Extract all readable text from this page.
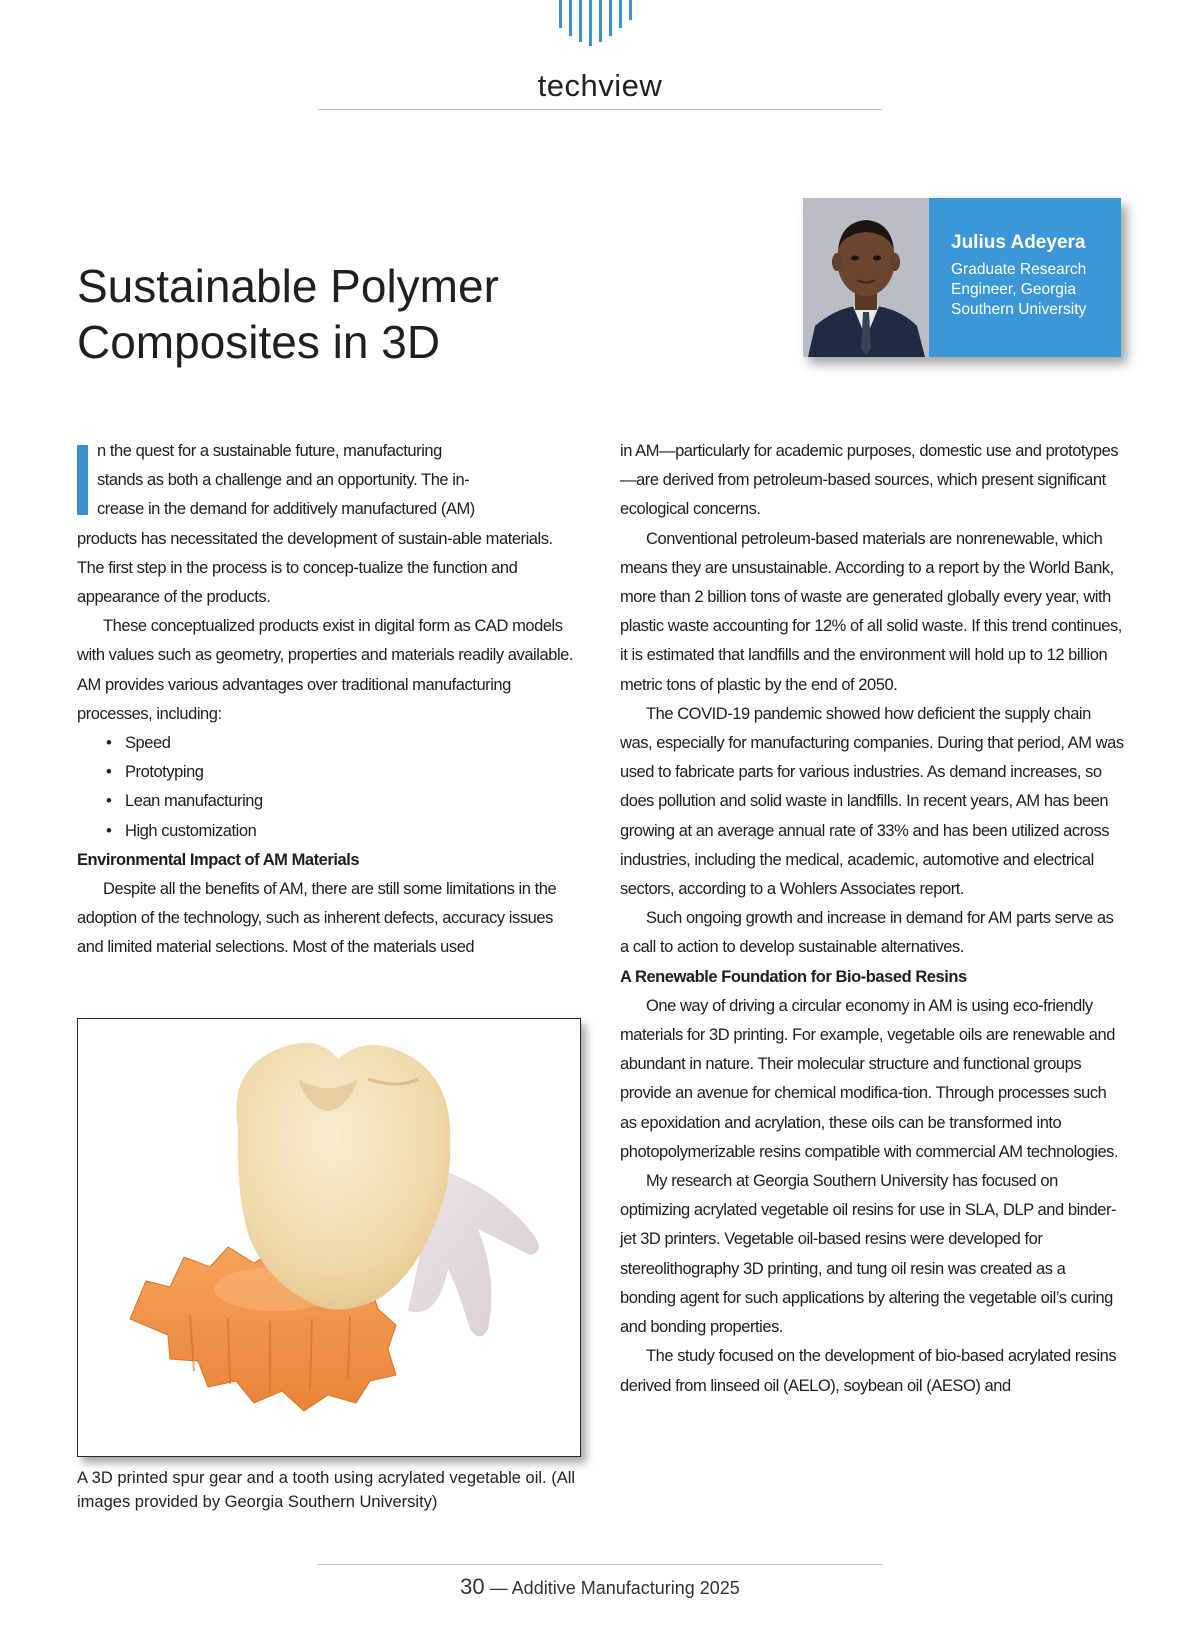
techview
Sustainable Polymer
Composites in 3D
Julius Adeyera
Graduate Research Engineer, Georgia Southern University

n the quest for a sustainable future, manufacturing
stands as both a challenge and an opportunity. The in-
crease in the demand for additively manufactured (AM)

products has necessitated the development of sustain-able materials. The first step in the process is to concep-tualize the function and appearance of the products.

These conceptualized products exist in digital form as CAD models with values such as geometry, properties and materials readily available. AM provides various advantages over traditional manufacturing processes, including:

• Speed
• Prototyping
• Lean manufacturing
• High customization

Environmental Impact of AM Materials

Despite all the benefits of AM, there are still some limitations in the adoption of the technology, such as inherent defects, accuracy issues and limited material selections. Most of the materials used

A 3D printed spur gear and a tooth using acrylated vegetable oil. (All images provided by Georgia Southern University)

in AM—particularly for academic purposes, domestic use and prototypes—are derived from petroleum-based sources, which present significant ecological concerns.

Conventional petroleum-based materials are nonrenewable, which means they are unsustainable. According to a report by the World Bank, more than 2 billion tons of waste are generated globally every year, with plastic waste accounting for 12% of all solid waste. If this trend continues, it is estimated that landfills and the environment will hold up to 12 billion metric tons of plastic by the end of 2050.

The COVID-19 pandemic showed how deficient the supply chain was, especially for manufacturing companies. During that period, AM was used to fabricate parts for various industries. As demand increases, so does pollution and solid waste in landfills. In recent years, AM has been growing at an average annual rate of 33% and has been utilized across industries, including the medical, academic, automotive and electrical sectors, according to a Wohlers Associates report.

Such ongoing growth and increase in demand for AM parts serve as a call to action to develop sustainable alternatives.

A Renewable Foundation for Bio-based Resins

One way of driving a circular economy in AM is using eco-friendly materials for 3D printing. For example, vegetable oils are renewable and abundant in nature. Their molecular structure and functional groups provide an avenue for chemical modifica-tion. Through processes such as epoxidation and acrylation, these oils can be transformed into photopolymerizable resins compatible with commercial AM technologies.

My research at Georgia Southern University has focused on optimizing acrylated vegetable oil resins for use in SLA, DLP and binder-jet 3D printers. Vegetable oil-based resins were developed for stereolithography 3D printing, and tung oil resin was created as a bonding agent for such applications by altering the vegetable oil’s curing and bonding properties.

The study focused on the development of bio-based acrylated resins derived from linseed oil (AELO), soybean oil (AESO) and

30 — Additive Manufacturing 2025
